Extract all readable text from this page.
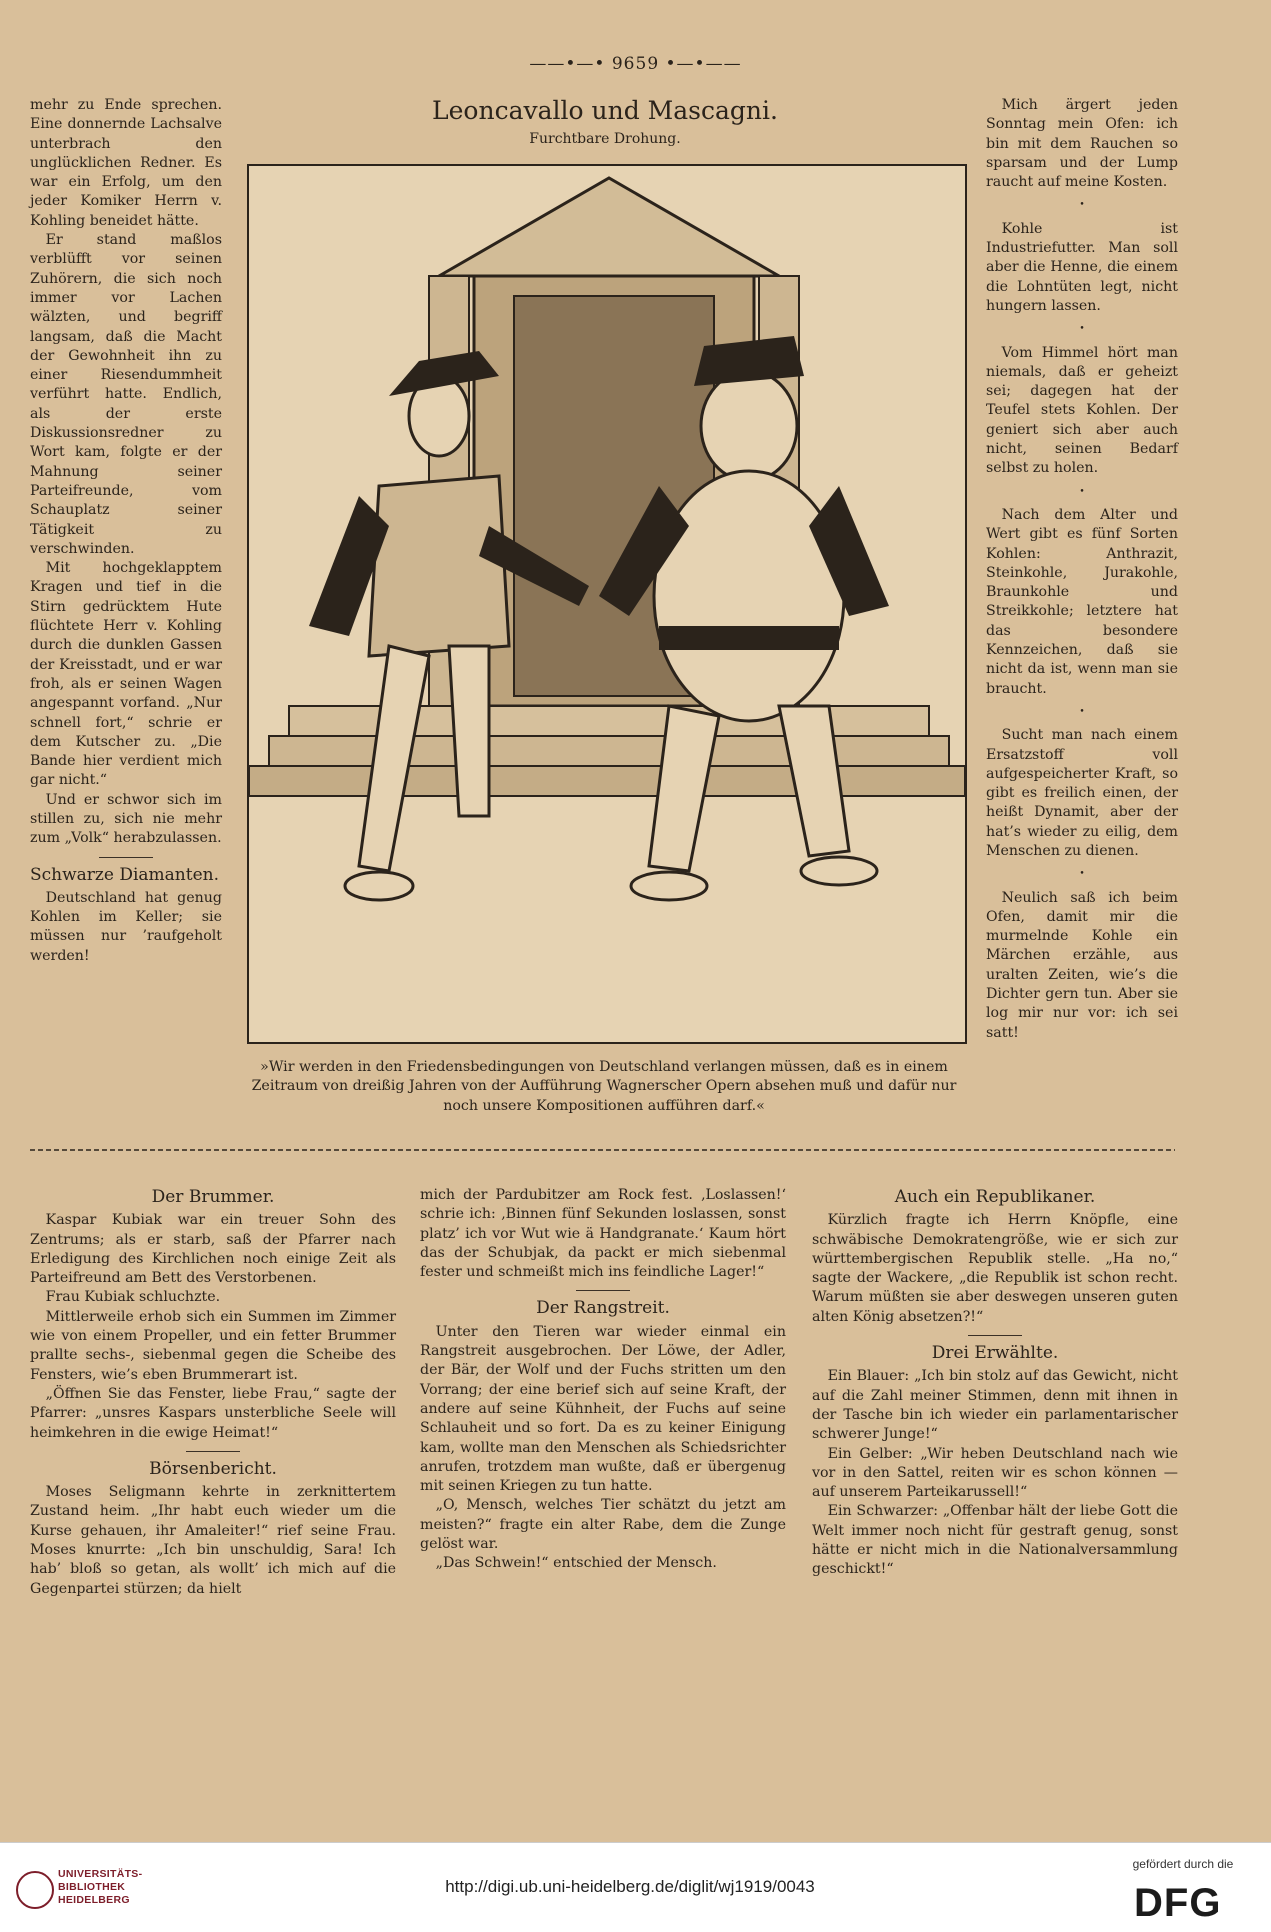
——•—• 9659 •—•——

mehr zu Ende sprechen. Eine donnernde Lachsalve unterbrach den unglücklichen Redner. Es war ein Erfolg, um den jeder Komiker Herrn v. Kohling beneidet hätte.

Er stand maßlos verblüfft vor seinen Zuhörern, die sich noch immer vor Lachen wälzten, und begriff langsam, daß die Macht der Gewohnheit ihn zu einer Riesendummheit verführt hatte. Endlich, als der erste Diskussionsredner zu Wort kam, folgte er der Mahnung seiner Parteifreunde, vom Schauplatz seiner Tätigkeit zu verschwinden.

Mit hochgeklapptem Kragen und tief in die Stirn gedrücktem Hute flüchtete Herr v. Kohling durch die dunklen Gassen der Kreisstadt, und er war froh, als er seinen Wagen angespannt vorfand. „Nur schnell fort,“ schrie er dem Kutscher zu. „Die Bande hier verdient mich gar nicht.“

Und er schwor sich im stillen zu, sich nie mehr zum „Volk“ herabzulassen.

Schwarze Diamanten.

Deutschland hat genug Kohlen im Keller; sie müssen nur ’raufgeholt werden!

Leoncavallo und Mascagni.
Furchtbare Drohung.
»Wir werden in den Friedensbedingungen von Deutschland verlangen müssen, daß es in einem Zeitraum von dreißig Jahren von der Aufführung Wagnerscher Opern absehen muß und dafür nur noch unsere Kompositionen aufführen darf.«

Mich ärgert jeden Sonntag mein Ofen: ich bin mit dem Rauchen so sparsam und der Lump raucht auf meine Kosten.

•

Kohle ist Industriefutter. Man soll aber die Henne, die einem die Lohntüten legt, nicht hungern lassen.

•

Vom Himmel hört man niemals, daß er geheizt sei; dagegen hat der Teufel stets Kohlen. Der geniert sich aber auch nicht, seinen Bedarf selbst zu holen.

•

Nach dem Alter und Wert gibt es fünf Sorten Kohlen: Anthrazit, Steinkohle, Jurakohle, Braunkohle und Streikkohle; letztere hat das besondere Kennzeichen, daß sie nicht da ist, wenn man sie braucht.

•

Sucht man nach einem Ersatzstoff voll aufgespeicherter Kraft, so gibt es freilich einen, der heißt Dynamit, aber der hat’s wieder zu eilig, dem Menschen zu dienen.

•

Neulich saß ich beim Ofen, damit mir die murmelnde Kohle ein Märchen erzähle, aus uralten Zeiten, wie’s die Dichter gern tun. Aber sie log mir nur vor: ich sei satt!

Der Brummer.

Kaspar Kubiak war ein treuer Sohn des Zentrums; als er starb, saß der Pfarrer nach Erledigung des Kirchlichen noch einige Zeit als Parteifreund am Bett des Verstorbenen.

Frau Kubiak schluchzte.

Mittlerweile erhob sich ein Summen im Zimmer wie von einem Propeller, und ein fetter Brummer prallte sechs-, siebenmal gegen die Scheibe des Fensters, wie’s eben Brummerart ist.

„Öffnen Sie das Fenster, liebe Frau,“ sagte der Pfarrer: „unsres Kaspars unsterbliche Seele will heimkehren in die ewige Heimat!“

Börsenbericht.

Moses Seligmann kehrte in zerknittertem Zustand heim. „Ihr habt euch wieder um die Kurse gehauen, ihr Amaleiter!“ rief seine Frau. Moses knurrte: „Ich bin unschuldig, Sara! Ich hab’ bloß so getan, als wollt’ ich mich auf die Gegenpartei stürzen; da hielt

mich der Pardubitzer am Rock fest. ‚Loslassen!‘ schrie ich: ‚Binnen fünf Sekunden loslassen, sonst platz’ ich vor Wut wie ä Handgranate.‘ Kaum hört das der Schubjak, da packt er mich siebenmal fester und schmeißt mich ins feindliche Lager!“

Der Rangstreit.

Unter den Tieren war wieder einmal ein Rangstreit ausgebrochen. Der Löwe, der Adler, der Bär, der Wolf und der Fuchs stritten um den Vorrang; der eine berief sich auf seine Kraft, der andere auf seine Kühnheit, der Fuchs auf seine Schlauheit und so fort. Da es zu keiner Einigung kam, wollte man den Menschen als Schiedsrichter anrufen, trotzdem man wußte, daß er übergenug mit seinen Kriegen zu tun hatte.

„O, Mensch, welches Tier schätzt du jetzt am meisten?“ fragte ein alter Rabe, dem die Zunge gelöst war.

„Das Schwein!“ entschied der Mensch.

Auch ein Republikaner.

Kürzlich fragte ich Herrn Knöpfle, eine schwäbische Demokratengröße, wie er sich zur württembergischen Republik stelle. „Ha no,“ sagte der Wackere, „die Republik ist schon recht. Warum müßten sie aber deswegen unseren guten alten König absetzen?!“

Drei Erwählte.

Ein Blauer: „Ich bin stolz auf das Gewicht, nicht auf die Zahl meiner Stimmen, denn mit ihnen in der Tasche bin ich wieder ein parlamentarischer schwerer Junge!“

Ein Gelber: „Wir heben Deutschland nach wie vor in den Sattel, reiten wir es schon können — auf unserem Parteikarussell!“

Ein Schwarzer: „Offenbar hält der liebe Gott die Welt immer noch nicht für gestraft genug, sonst hätte er nicht mich in die Nationalversammlung geschickt!“

UNIVERSITÄTS-
BIBLIOTHEK
HEIDELBERG
http://digi.ub.uni-heidelberg.de/diglit/wj1919/0043
gefördert durch die
DFG
